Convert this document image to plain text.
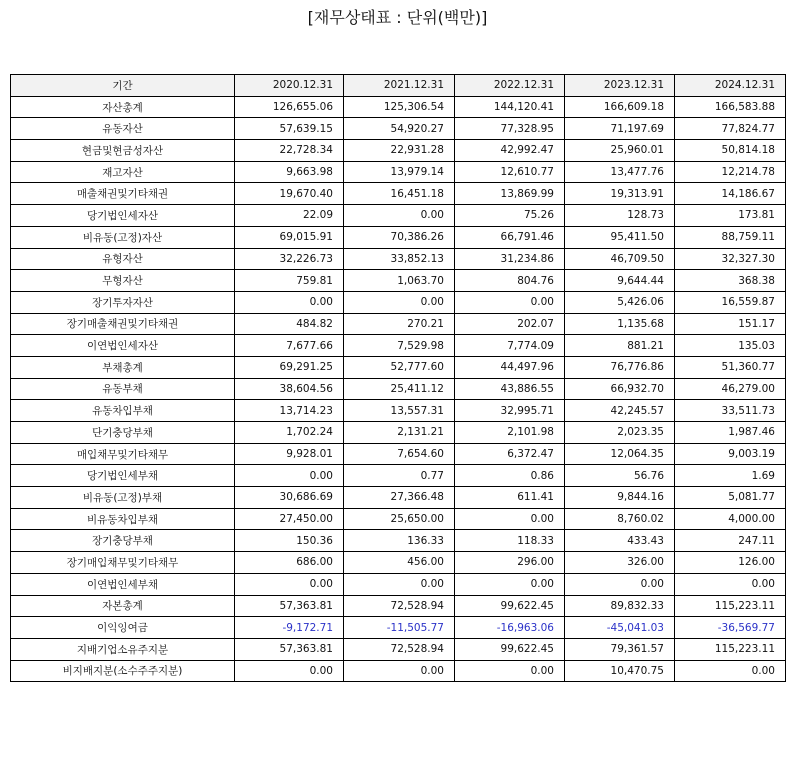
[재무상태표 : 단위(백만)]
기간	2020.12.31	2021.12.31	2022.12.31	2023.12.31	2024.12.31
자산총계	126,655.06	125,306.54	144,120.41	166,609.18	166,583.88
유동자산	57,639.15	54,920.27	77,328.95	71,197.69	77,824.77
현금및현금성자산	22,728.34	22,931.28	42,992.47	25,960.01	50,814.18
재고자산	9,663.98	13,979.14	12,610.77	13,477.76	12,214.78
매출채권및기타채권	19,670.40	16,451.18	13,869.99	19,313.91	14,186.67
당기법인세자산	22.09	0.00	75.26	128.73	173.81
비유동(고정)자산	69,015.91	70,386.26	66,791.46	95,411.50	88,759.11
유형자산	32,226.73	33,852.13	31,234.86	46,709.50	32,327.30
무형자산	759.81	1,063.70	804.76	9,644.44	368.38
장기투자자산	0.00	0.00	0.00	5,426.06	16,559.87
장기매출채권및기타채권	484.82	270.21	202.07	1,135.68	151.17
이연법인세자산	7,677.66	7,529.98	7,774.09	881.21	135.03
부채총계	69,291.25	52,777.60	44,497.96	76,776.86	51,360.77
유동부채	38,604.56	25,411.12	43,886.55	66,932.70	46,279.00
유동차입부채	13,714.23	13,557.31	32,995.71	42,245.57	33,511.73
단기충당부채	1,702.24	2,131.21	2,101.98	2,023.35	1,987.46
매입채무및기타채무	9,928.01	7,654.60	6,372.47	12,064.35	9,003.19
당기법인세부채	0.00	0.77	0.86	56.76	1.69
비유동(고정)부채	30,686.69	27,366.48	611.41	9,844.16	5,081.77
비유동차입부채	27,450.00	25,650.00	0.00	8,760.02	4,000.00
장기충당부채	150.36	136.33	118.33	433.43	247.11
장기매입채무및기타채무	686.00	456.00	296.00	326.00	126.00
이연법인세부채	0.00	0.00	0.00	0.00	0.00
자본총계	57,363.81	72,528.94	99,622.45	89,832.33	115,223.11
이익잉여금	-9,172.71	-11,505.77	-16,963.06	-45,041.03	-36,569.77
지배기업소유주지분	57,363.81	72,528.94	99,622.45	79,361.57	115,223.11
비지배지분(소수주주지분)	0.00	0.00	0.00	10,470.75	0.00
